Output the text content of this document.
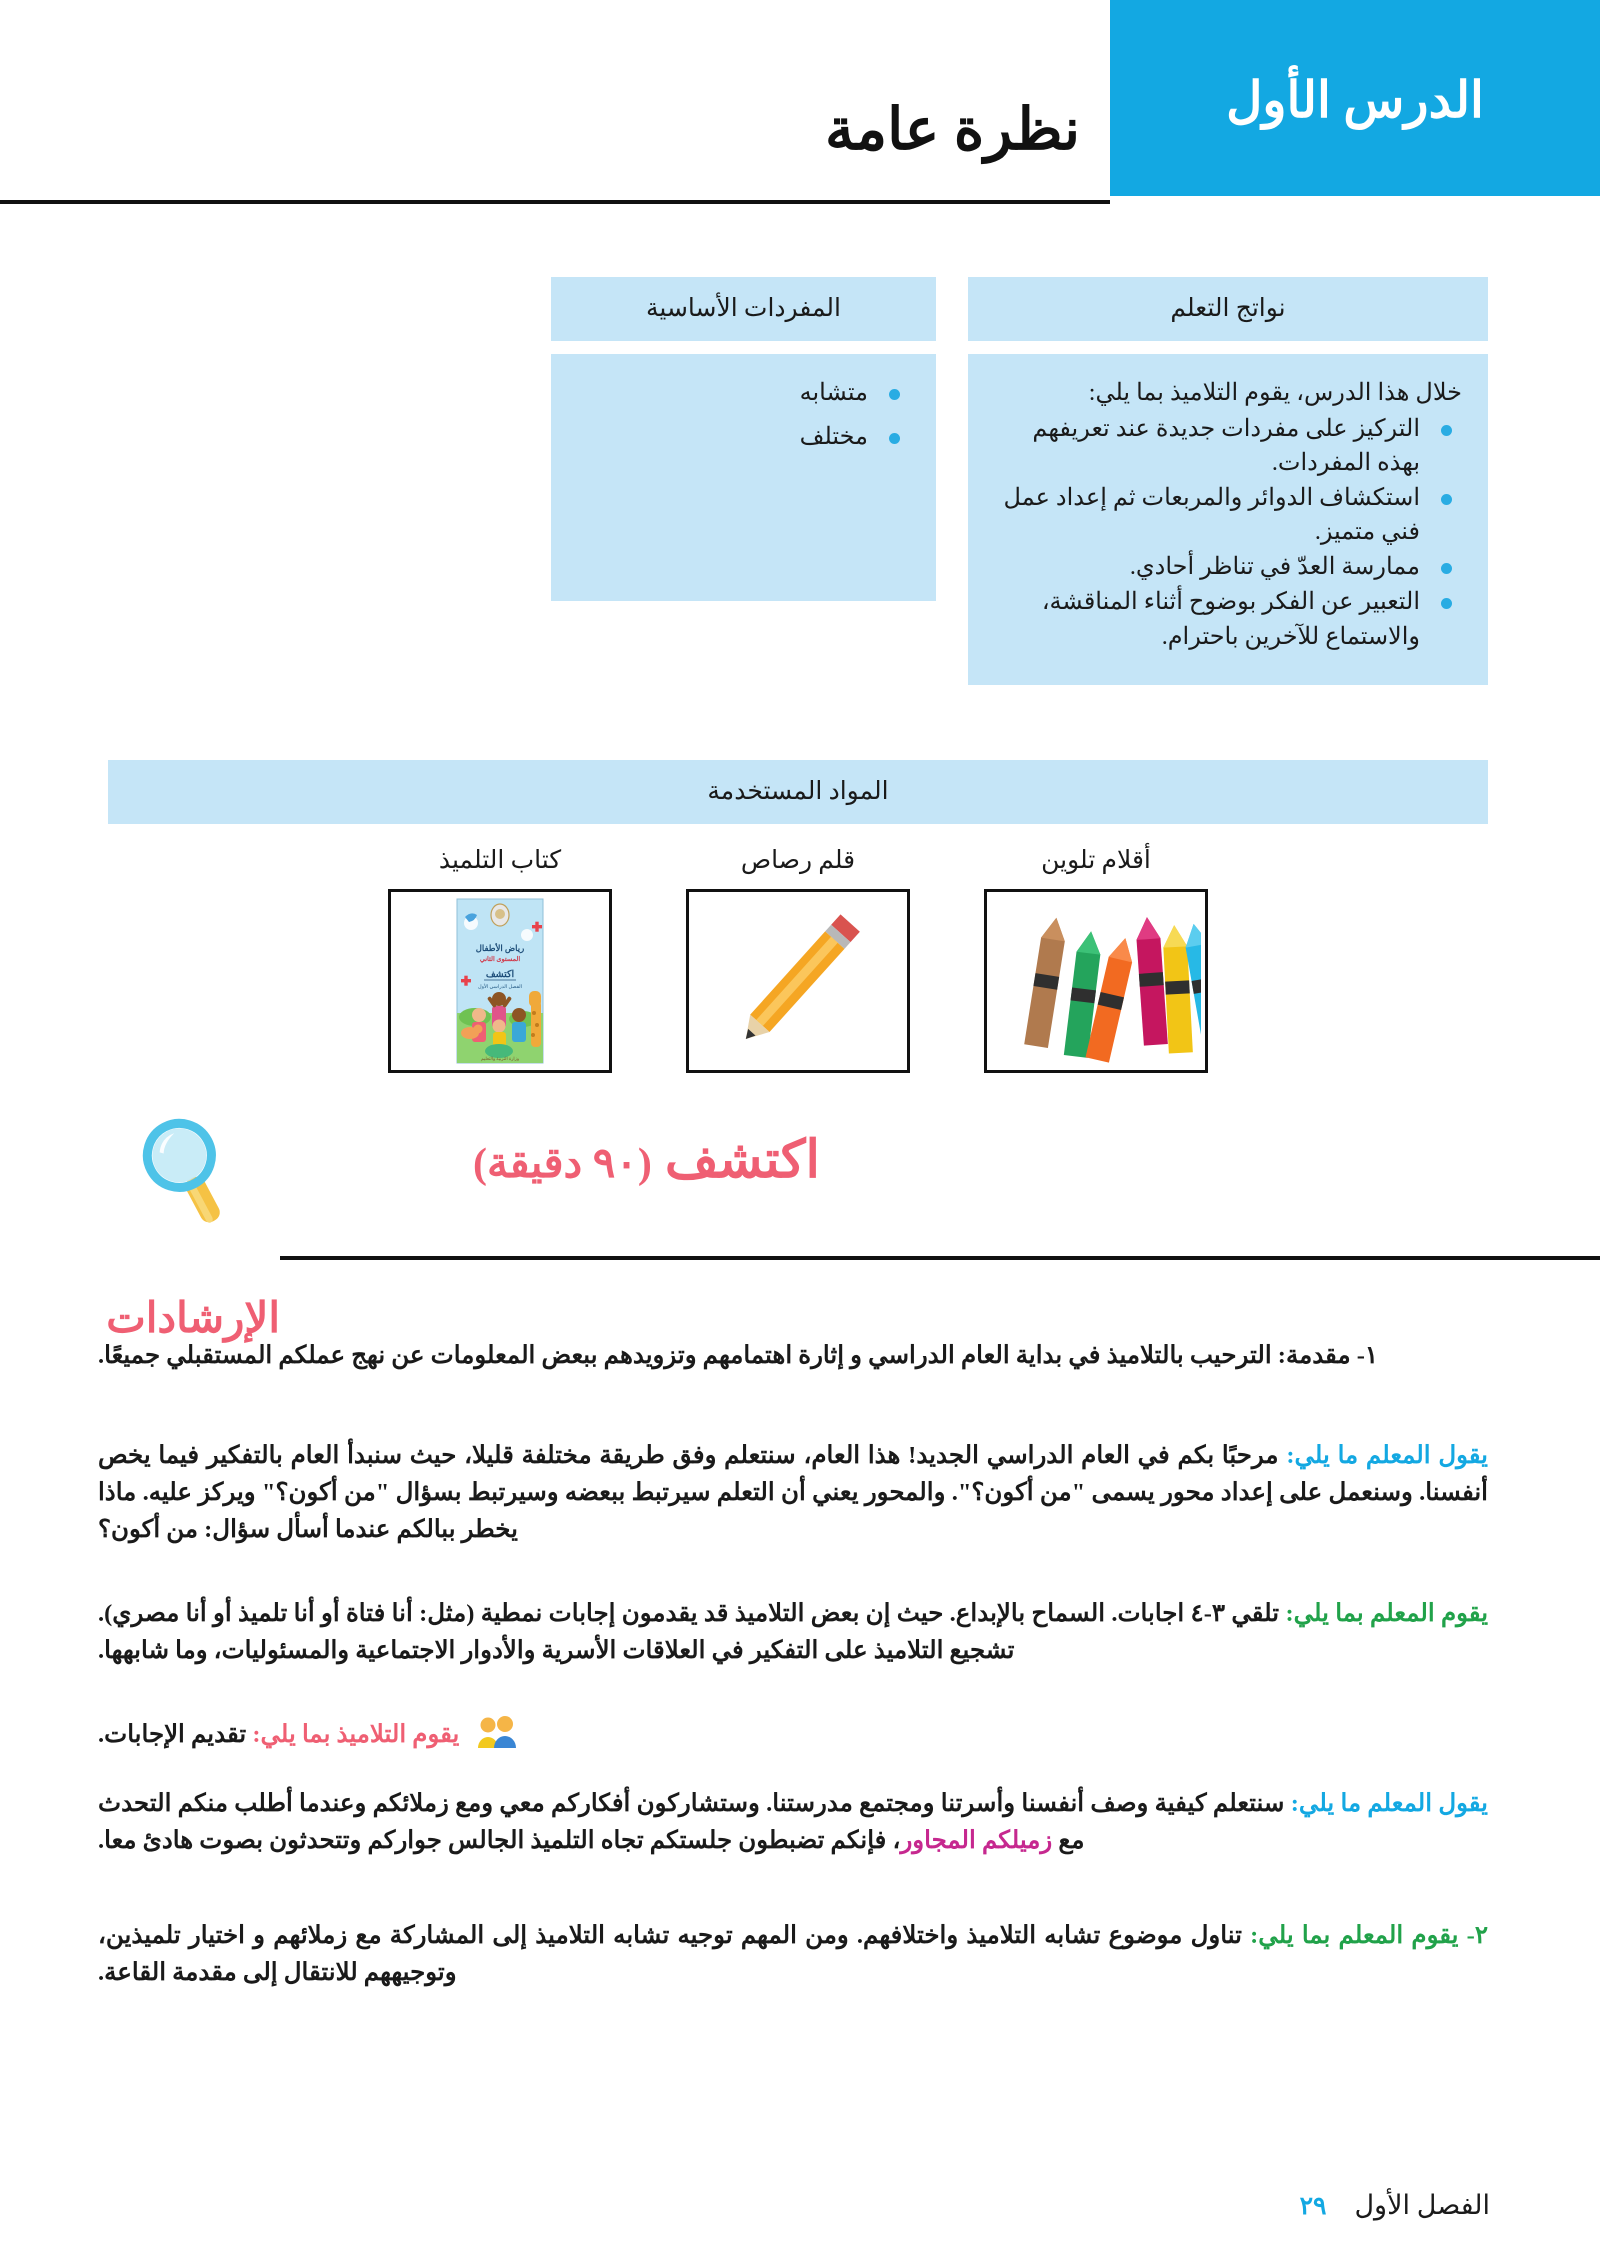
الدرس الأول
نظرة عامة
نواتج التعلم

خلال هذا الدرس، يقوم التلاميذ بما يلي:

التركيز على مفردات جديدة عند تعريفهم بهذه المفردات.
استكشاف الدوائر والمربعات ثم إعداد عمل فني متميز.
ممارسة العدّ في تناظر أحادي.
التعبير عن الفكر بوضوح أثناء المناقشة، والاستماع للآخرين باحترام.
المفردات الأساسية
متشابه
مختلف
المواد المستخدمة
أقلام تلوين
قلم رصاص
كتاب التلميذ
رياض الأطفال
المستوى الثاني
اكتشف
الفصل الدراسي الأول
وزارة التربية والتعليم
اكتشف (٩٠ دقيقة)
الإرشادات
١- مقدمة: الترحيب بالتلاميذ في بداية العام الدراسي و إثارة اهتمامهم وتزويدهم ببعض المعلومات عن نهج عملكم المستقبلي جميعًا.
يقول المعلم ما يلي: مرحبًا بكم في العام الدراسي الجديد! هذا العام، سنتعلم وفق طريقة مختلفة قليلا، حيث سنبدأ العام بالتفكير فيما يخص أنفسنا. وسنعمل على إعداد محور يسمى "من أكون؟". والمحور يعني أن التعلم سيرتبط ببعضه وسيرتبط بسؤال "من أكون؟" ويركز عليه. ماذا يخطر ببالكم عندما أسأل سؤال: من أكون؟
يقوم المعلم بما يلي: تلقي ٣-٤ اجابات. السماح بالإبداع. حيث إن بعض التلاميذ قد يقدمون إجابات نمطية (مثل: أنا فتاة أو أنا تلميذ أو أنا مصري). تشجيع التلاميذ على التفكير في العلاقات الأسرية والأدوار الاجتماعية والمسئوليات، وما شابهها.
يقوم التلاميذ بما يلي: تقديم الإجابات.
يقول المعلم ما يلي: سنتعلم كيفية وصف أنفسنا وأسرتنا ومجتمع مدرستنا. وستشاركون أفكاركم معي ومع زملائكم وعندما أطلب منكم التحدث مع زميلكم المجاور، فإنكم تضبطون جلستكم تجاه التلميذ الجالس جواركم وتتحدثون بصوت هادئ معا.
٢- يقوم المعلم بما يلي: تناول موضوع تشابه التلاميذ واختلافهم. ومن المهم توجيه تشابه التلاميذ إلى المشاركة مع زملائهم و اختيار تلميذين، وتوجيههم للانتقال إلى مقدمة القاعة.
الفصل الأول
٢٩
